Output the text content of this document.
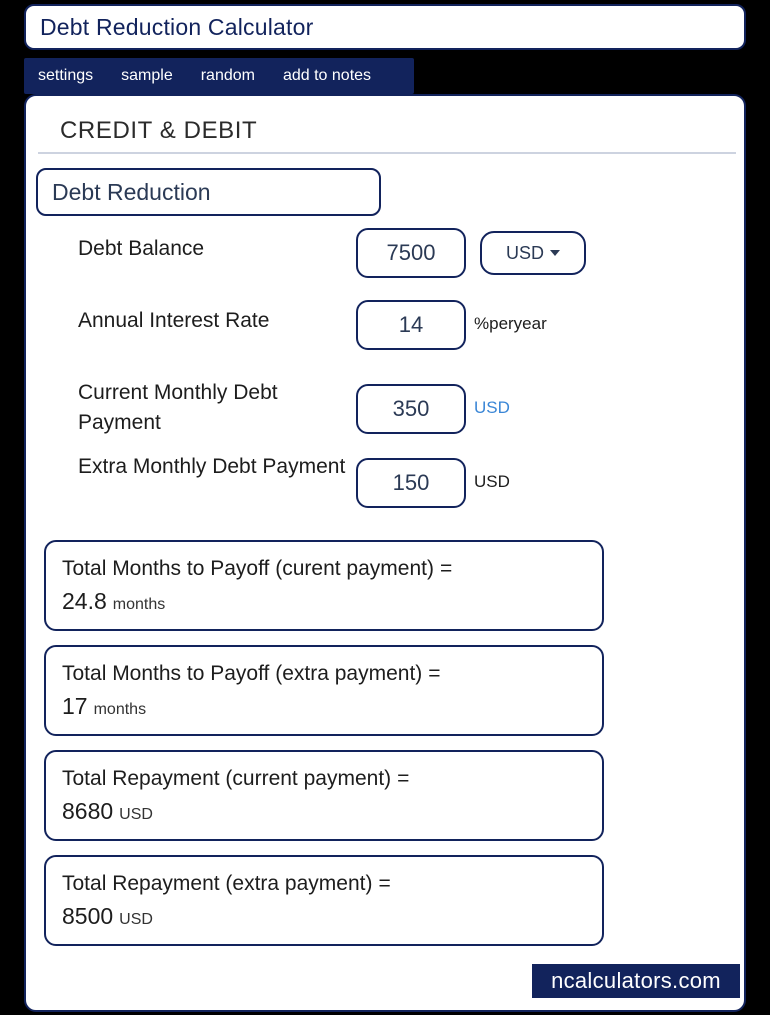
Debt Reduction Calculator
settings	sample	random	add to notes
CREDIT & DEBIT
Debt Reduction
Debt Balance
7500	USD
Annual Interest Rate
14	%peryear
Current Monthly Debt Payment
350
USD
Extra Monthly Debt Payment
150
USD
Total Months to Payoff (curent payment) =
24.8 months
Total Months to Payoff (extra payment) =
17 months
Total Repayment (current payment) =
8680 USD
Total Repayment (extra payment) =
8500 USD
ncalculators.com
